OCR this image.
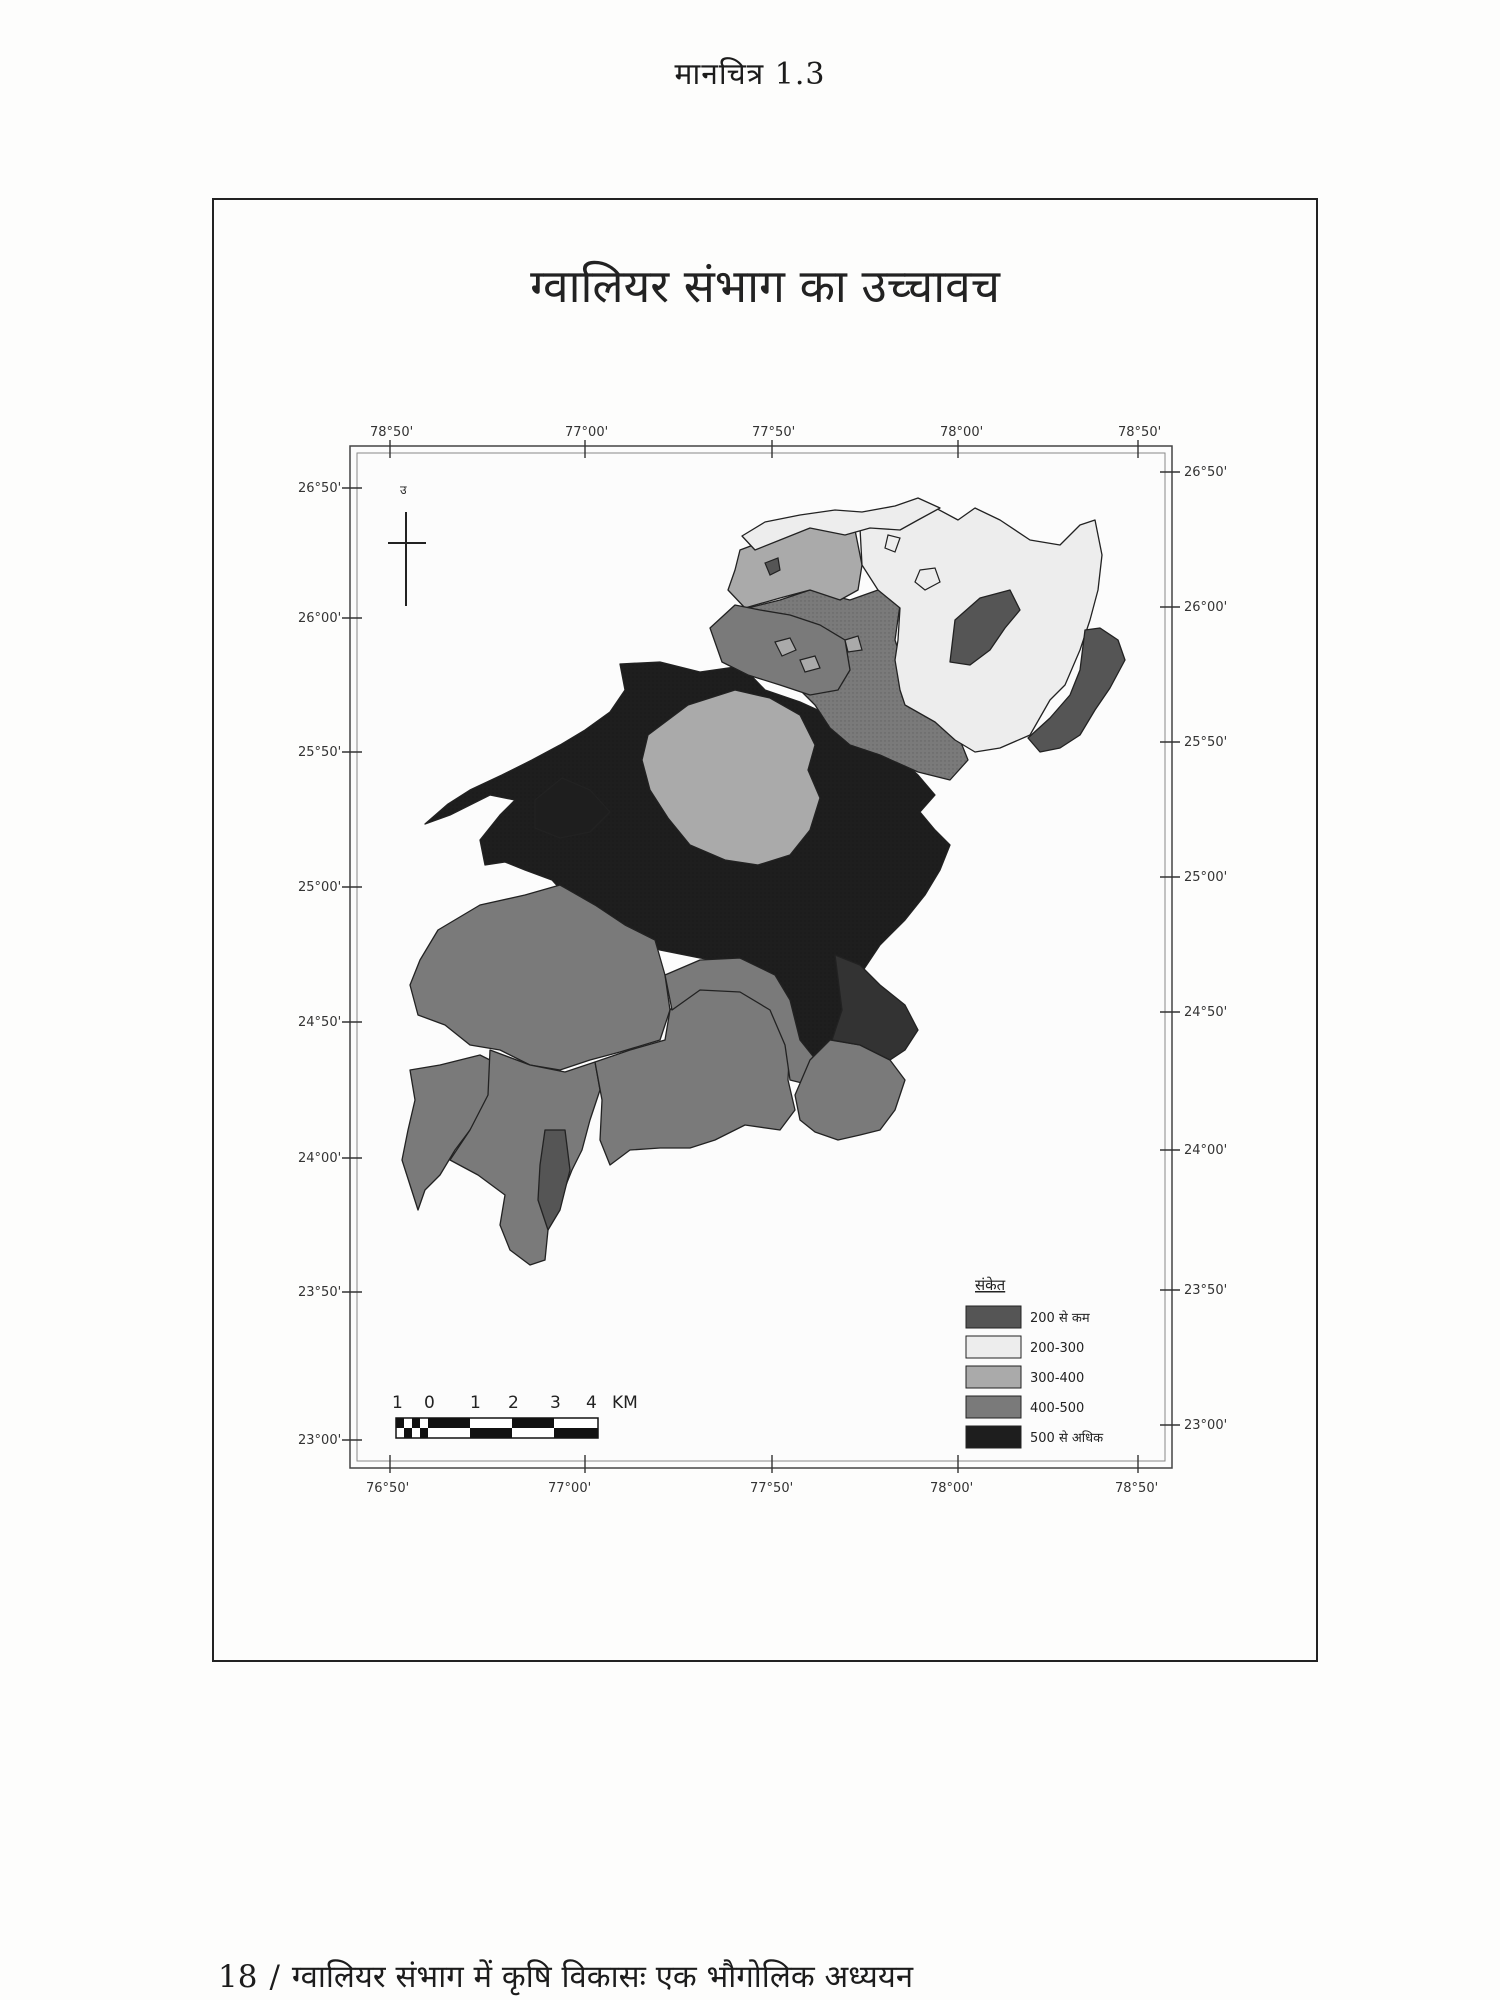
मानचित्र 1.3
ग्वालियर संभाग का उच्चावच
78°50'	77°00'	77°50'	78°00'	78°50'
76°50'	77°00'	77°50'	78°00'	78°50'
26°50'
26°00'
25°50'
25°00'
24°50'
24°00'
23°50'
23°00'
26°50'
26°00'
25°50'
25°00'
24°50'
24°00'
23°50'
23°00'
उ
1 0 1 2 3 4 KM
संकेत
200 से कम
200-300
300-400
400-500
500 से अधिक
18 / ग्वालियर संभाग में कृषि विकासः एक भौगोलिक अध्ययन
